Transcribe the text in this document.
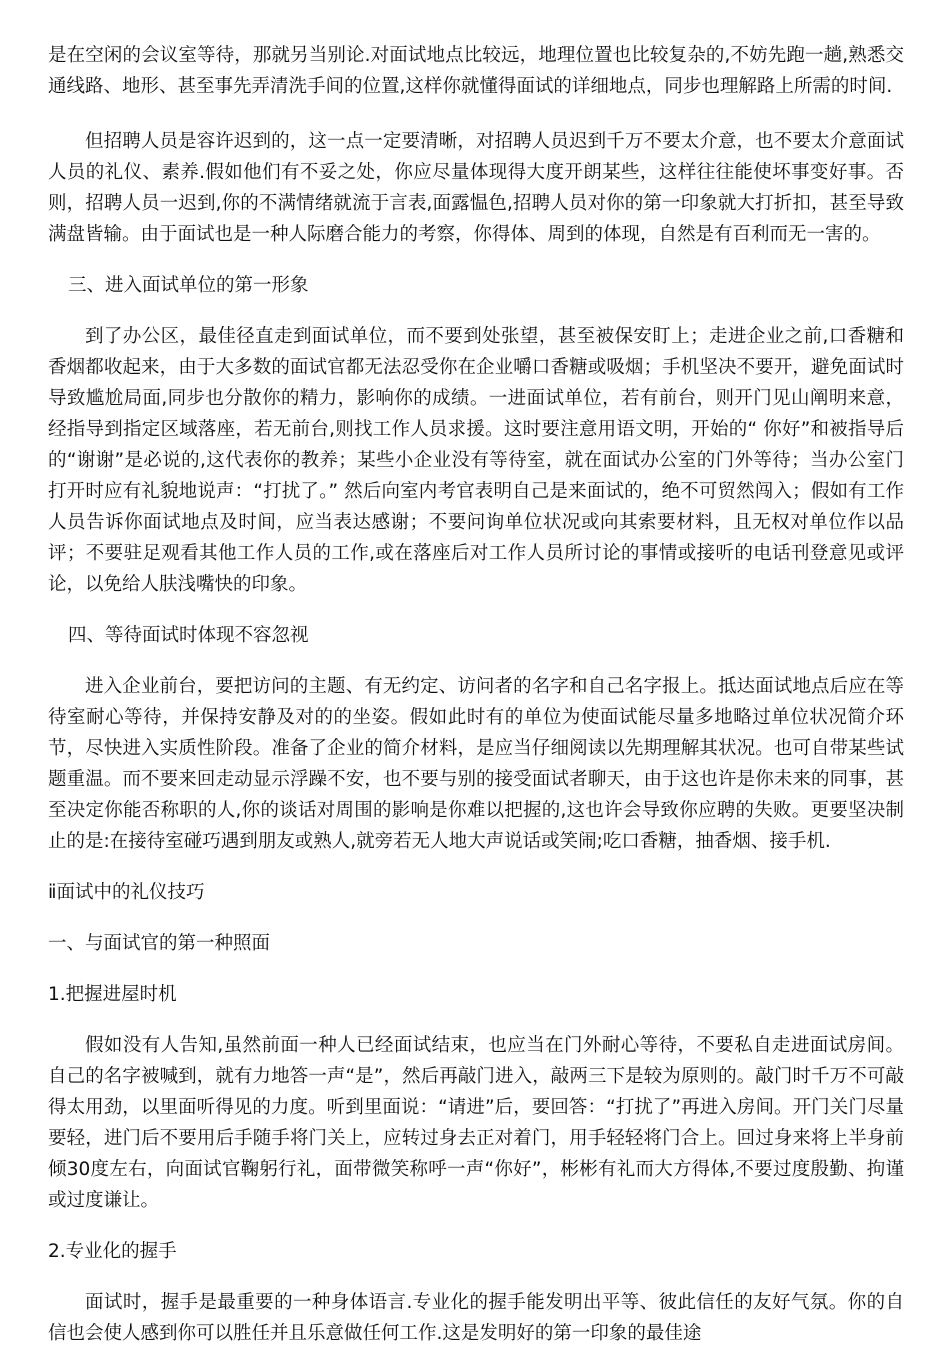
是在空闲的会议室等待，那就另当别论.对面试地点比较远，地理位置也比较复杂的,不妨先跑一趟,熟悉交通线路、地形、甚至事先弄清洗手间的位置,这样你就懂得面试的详细地点，同步也理解路上所需的时间.

但招聘人员是容许迟到的，这一点一定要清晰，对招聘人员迟到千万不要太介意，也不要太介意面试人员的礼仪、素养.假如他们有不妥之处，你应尽量体现得大度开朗某些，这样往往能使坏事变好事。否则，招聘人员一迟到,你的不满情绪就流于言表,面露愠色,招聘人员对你的第一印象就大打折扣，甚至导致满盘皆输。由于面试也是一种人际磨合能力的考察，你得体、周到的体现，自然是有百利而无一害的。

三、进入面试单位的第一形象

到了办公区，最佳径直走到面试单位，而不要到处张望，甚至被保安盯上；走进企业之前,口香糖和香烟都收起来，由于大多数的面试官都无法忍受你在企业嚼口香糖或吸烟；手机坚决不要开，避免面试时导致尴尬局面,同步也分散你的精力，影响你的成绩。一进面试单位，若有前台，则开门见山阐明来意，经指导到指定区域落座，若无前台,则找工作人员求援。这时要注意用语文明，开始的“ 你好”和被指导后的“谢谢”是必说的,这代表你的教养；某些小企业没有等待室，就在面试办公室的门外等待；当办公室门打开时应有礼貌地说声：“打扰了。” 然后向室内考官表明自己是来面试的，绝不可贸然闯入；假如有工作人员告诉你面试地点及时间，应当表达感谢；不要问询单位状况或向其索要材料，且无权对单位作以品评；不要驻足观看其他工作人员的工作,或在落座后对工作人员所讨论的事情或接听的电话刊登意见或评论，以免给人肤浅嘴快的印象。

四、等待面试时体现不容忽视

进入企业前台，要把访问的主题、有无约定、访问者的名字和自己名字报上。抵达面试地点后应在等待室耐心等待，并保持安静及对的的坐姿。假如此时有的单位为使面试能尽量多地略过单位状况简介环节，尽快进入实质性阶段。准备了企业的简介材料，是应当仔细阅读以先期理解其状况。也可自带某些试题重温。而不要来回走动显示浮躁不安，也不要与别的接受面试者聊天，由于这也许是你未来的同事，甚至决定你能否称职的人,你的谈话对周围的影响是你难以把握的,这也许会导致你应聘的失败。更要坚决制止的是:在接待室碰巧遇到朋友或熟人,就旁若无人地大声说话或笑闹;吃口香糖，抽香烟、接手机.

ⅱ面试中的礼仪技巧

一、与面试官的第一种照面

1.把握进屋时机

假如没有人告知,虽然前面一种人已经面试结束，也应当在门外耐心等待，不要私自走进面试房间。自己的名字被喊到，就有力地答一声“是”，然后再敲门进入，敲两三下是较为原则的。敲门时千万不可敲得太用劲，以里面听得见的力度。听到里面说：“请进”后，要回答：“打扰了”再进入房间。开门关门尽量要轻，进门后不要用后手随手将门关上，应转过身去正对着门，用手轻轻将门合上。回过身来将上半身前倾30度左右，向面试官鞠躬行礼，面带微笑称呼一声“你好”，彬彬有礼而大方得体,不要过度殷勤、拘谨或过度谦让。

2.专业化的握手

面试时，握手是最重要的一种身体语言.专业化的握手能发明出平等、彼此信任的友好气氛。你的自信也会使人感到你可以胜任并且乐意做任何工作.这是发明好的第一印象的最佳途
